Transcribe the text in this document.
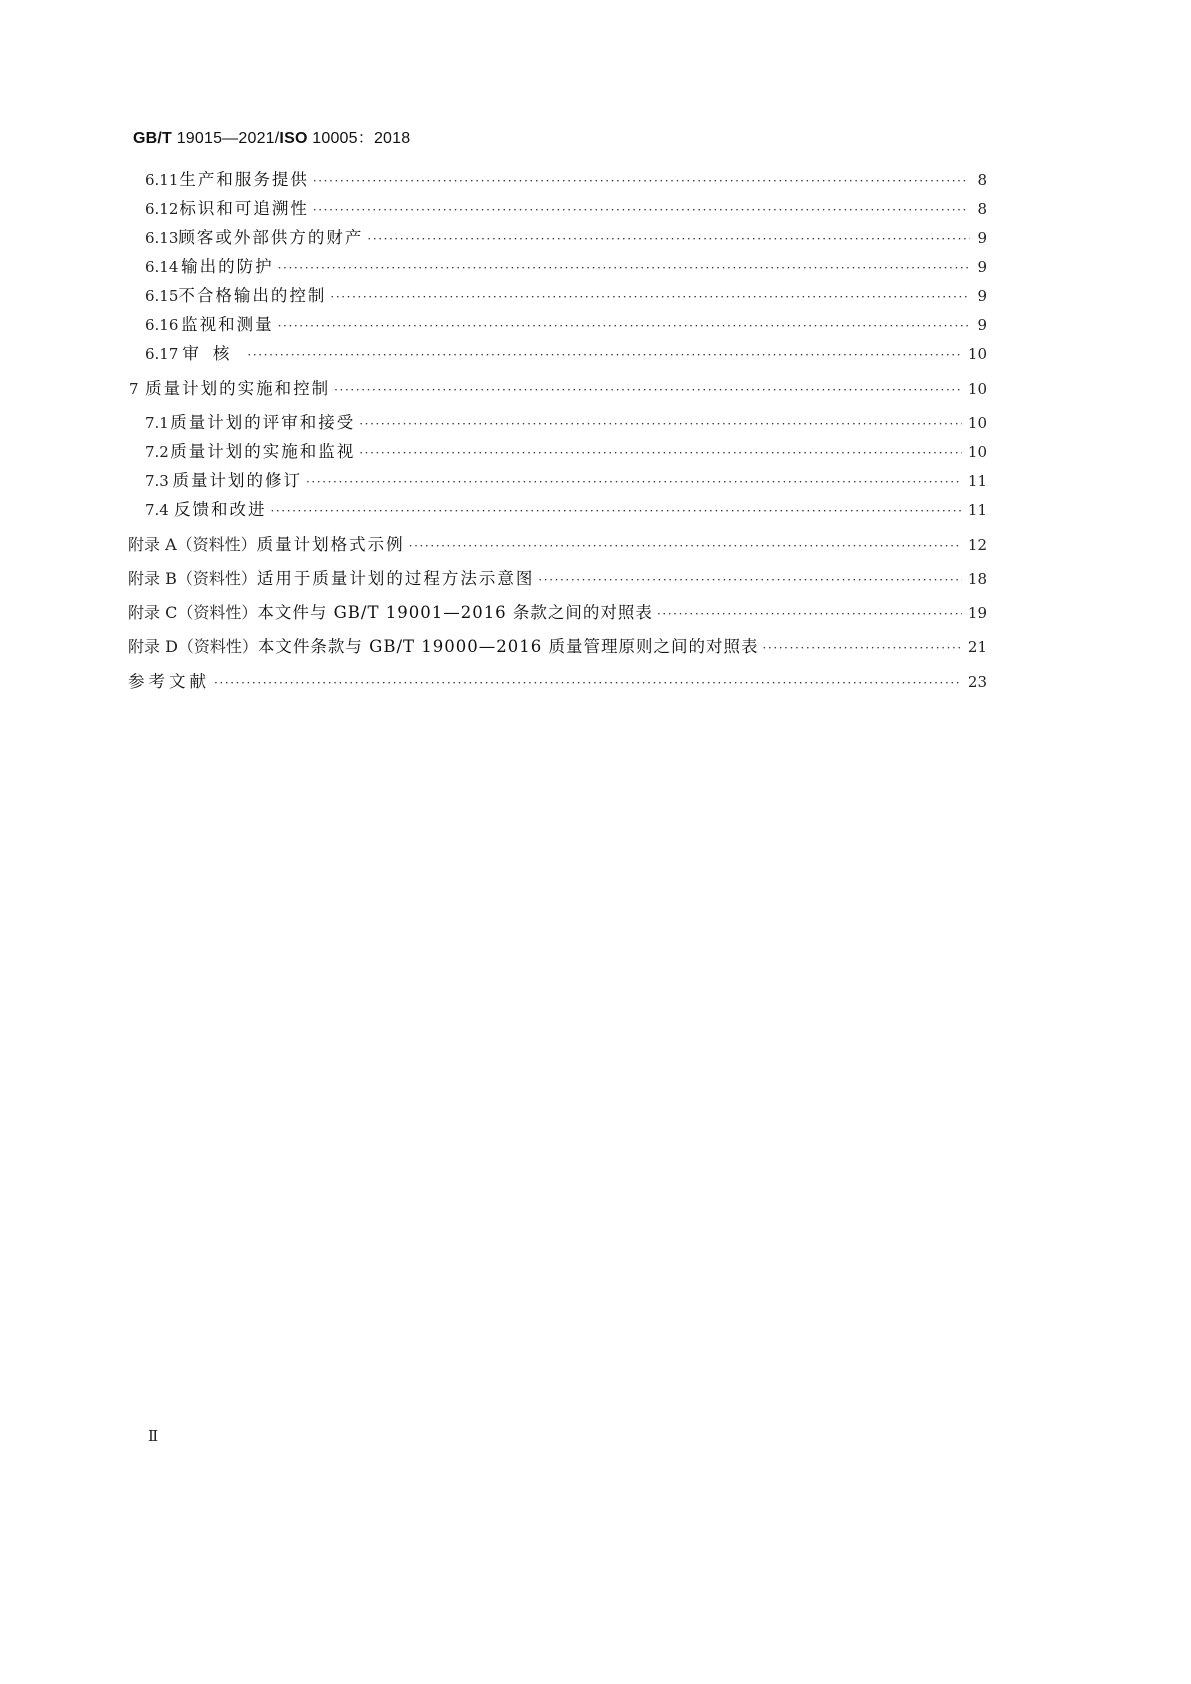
GB/T 19015—2021/ISO 10005：2018
6.11 生产和服务提供 ·····	8
6.12 标识和可追溯性 ·····	8
6.13 顾客或外部供方的财产 ·····	9
6.14 输出的防护 ·····	9
6.15 不合格输出的控制 ·····	9
6.16 监视和测量 ·····	9
6.17 审核 ·····	10
7 质量计划的实施和控制 ·····	10
7.1 质量计划的评审和接受 ·····	10
7.2 质量计划的实施和监视 ·····	10
7.3 质量计划的修订 ·····	11
7.4 反馈和改进 ·····	11
附录 A（资料性） 质量计划格式示例 ·····	12
附录 B（资料性） 适用于质量计划的过程方法示意图 ·····	18
附录 C（资料性） 本文件与 GB/T 19001—2016 条款之间的对照表 ·····	19
附录 D（资料性） 本文件条款与 GB/T 19000—2016 质量管理原则之间的对照表 ·····	21
参考文献 ·····	23
Ⅱ
